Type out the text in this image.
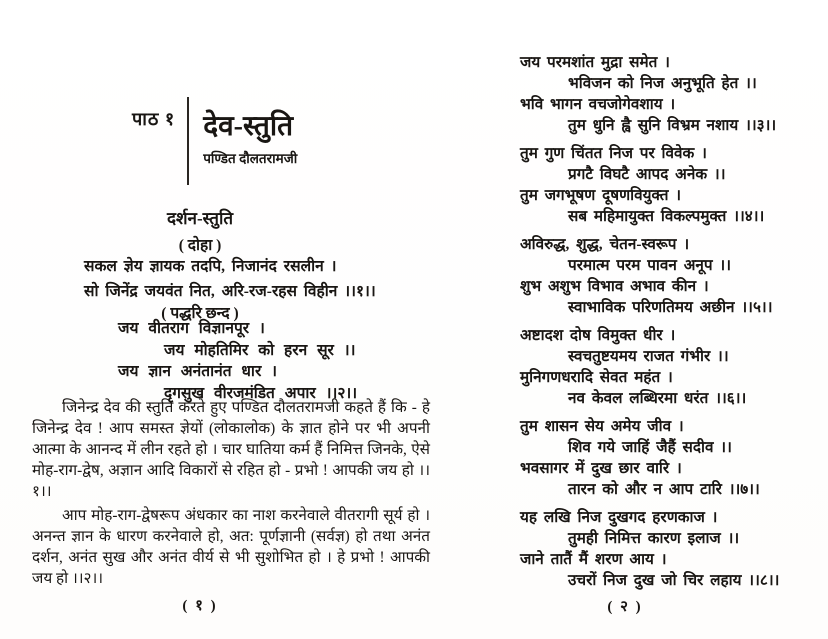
पाठ १ देव-स्तुति
पण्डित दौलतरामजी
दर्शन-स्तुति
( दोहा )
सकल ज्ञेय ज्ञायक तदपि, निजानंद रसलीन ।
सो जिनेंद्र जयवंत नित, अरि-रज-रहस विहीन ।।१।।
( पद्धरि छन्द )
जय वीतराग विज्ञानपूर ।
जय मोहतिमिर को हरन सूर ।।
जय ज्ञान अनंतानंत धार ।
दृगसुख वीरजमंडित अपार ।।२।।

जिनेन्द्र देव की स्तुति करते हुए पण्डित दौलतरामजी कहते हैं कि - हे जिनेन्द्र देव ! आप समस्त ज्ञेयों (लोकालोक) के ज्ञात होने पर भी अपनी आत्मा के आनन्द में लीन रहते हो । चार घातिया कर्म हैं निमित्त जिनके, ऐसे मोह-राग-द्वेष, अज्ञान आदि विकारों से रहित हो - प्रभो ! आपकी जय हो ।।१।।

आप मोह-राग-द्वेषरूप अंधकार का नाश करनेवाले वीतरागी सूर्य हो । अनन्त ज्ञान के धारण करनेवाले हो, अत: पूर्णज्ञानी (सर्वज्ञ) हो तथा अनंत दर्शन, अनंत सुख और अनंत वीर्य से भी सुशोभित हो । हे प्रभो ! आपकी जय हो ।।२।।

( १ )
जय परमशांत मुद्रा समेत ।
भविजन को निज अनुभूति हेत ।।
भवि भागन वचजोगेवशाय ।
तुम धुनि ह्वै सुनि विभ्रम नशाय ।।३।।
तुम गुण चिंतत निज पर विवेक ।
प्रगटै विघटै आपद अनेक ।।
तुम जगभूषण दूषणवियुक्त ।
सब महिमायुक्त विकल्पमुक्त ।।४।।
अविरुद्ध, शुद्ध, चेतन-स्वरूप ।
परमात्म परम पावन अनूप ।।
शुभ अशुभ विभाव अभाव कीन ।
स्वाभाविक परिणतिमय अछीन ।।५।।
अष्टादश दोष विमुक्त धीर ।
स्वचतुष्टयमय राजत गंभीर ।।
मुनिगणधरादि सेवत महंत ।
नव केवल लब्धिरमा धरंत ।।६।।
तुम शासन सेय अमेय जीव ।
शिव गये जाहिं जैहैं सदीव ।।
भवसागर में दुख छार वारि ।
तारन को और न आप टारि ।।७।।
यह लखि निज दुखगद हरणकाज ।
तुमही निमित्त कारण इलाज ।।
जाने तातैं मैं शरण आय ।
उचरों निज दुख जो चिर लहाय ।।८।।
( २ )
